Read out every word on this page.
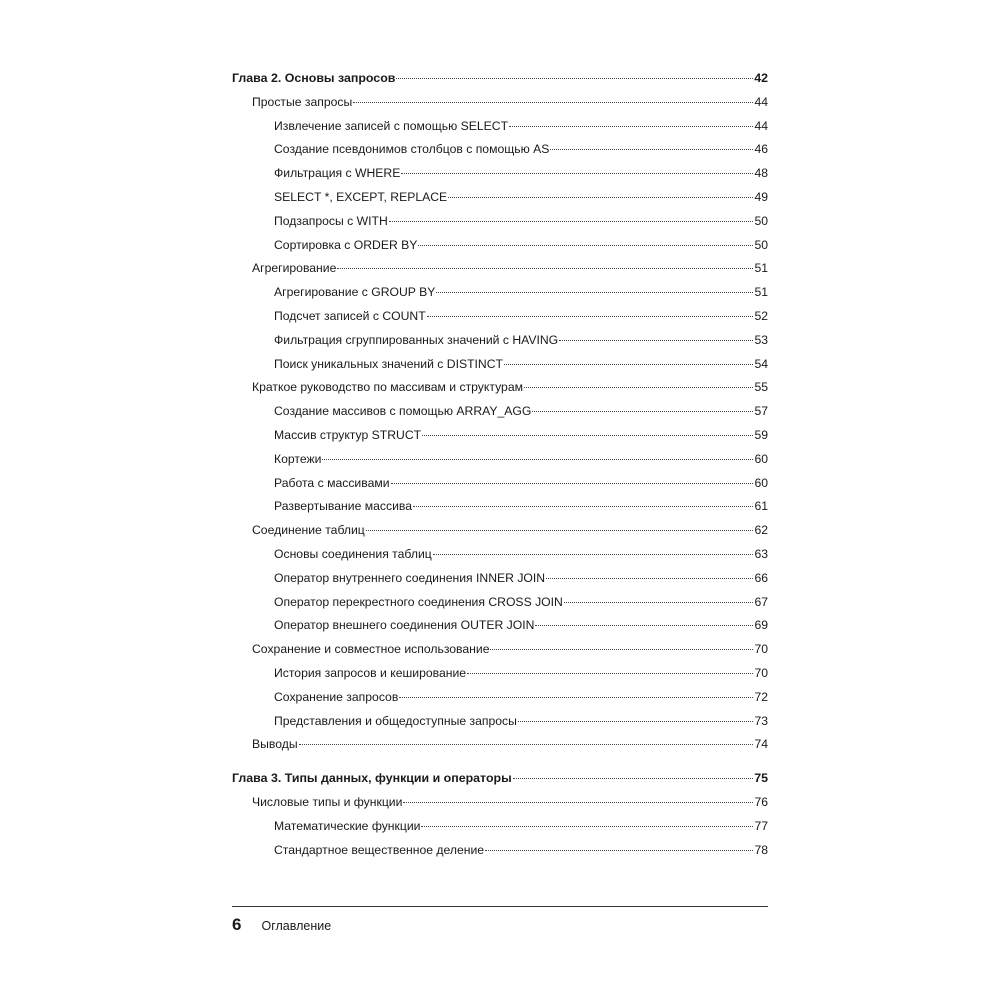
Глава 2. Основы запросов	42
Простые запросы	44
Извлечение записей с помощью SELECT	44
Создание псевдонимов столбцов с помощью AS	46
Фильтрация с WHERE	48
SELECT *, EXCEPT, REPLACE	49
Подзапросы с WITH	50
Сортировка с ORDER BY	50
Агрегирование	51
Агрегирование с GROUP BY	51
Подсчет записей с COUNT	52
Фильтрация сгруппированных значений с HAVING	53
Поиск уникальных значений с DISTINCT	54
Краткое руководство по массивам и структурам	55
Создание массивов с помощью ARRAY_AGG	57
Массив структур STRUCT	59
Кортежи	60
Работа с массивами	60
Развертывание массива	61
Соединение таблиц	62
Основы соединения таблиц	63
Оператор внутреннего соединения INNER JOIN	66
Оператор перекрестного соединения CROSS JOIN	67
Оператор внешнего соединения OUTER JOIN	69
Сохранение и совместное использование	70
История запросов и кеширование	70
Сохранение запросов	72
Представления и общедоступные запросы	73
Выводы	74
Глава 3. Типы данных, функции и операторы	75
Числовые типы и функции	76
Математические функции	77
Стандартное вещественное деление	78
6 Оглавление
